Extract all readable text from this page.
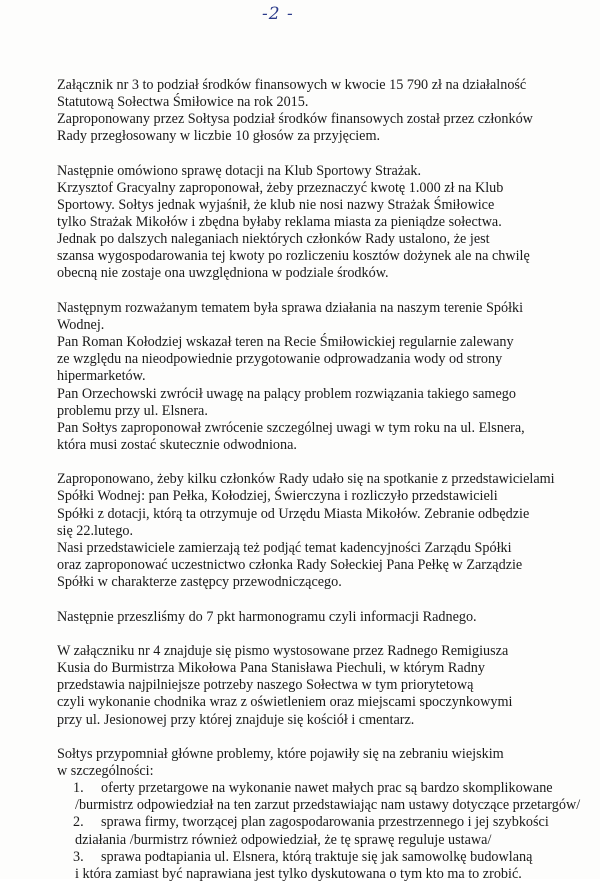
-2 -
Załącznik nr 3 to podział środków finansowych w kwocie 15 790 zł na działalność
Statutową Sołectwa Śmiłowice na rok 2015.
Zaproponowany przez Sołtysa podział środków finansowych został przez członków
Rady przegłosowany w liczbie 10 głosów za przyjęciem.
Następnie omówiono sprawę dotacji na Klub Sportowy Strażak.
Krzysztof Gracyalny zaproponował, żeby przeznaczyć kwotę 1.000 zł na Klub
Sportowy. Sołtys jednak wyjaśnił, że klub nie nosi nazwy Strażak Śmiłowice
tylko Strażak Mikołów i zbędna byłaby reklama miasta za pieniądze sołectwa.
Jednak po dalszych naleganiach niektórych członków Rady ustalono, że jest
szansa wygospodarowania tej kwoty po rozliczeniu kosztów dożynek ale na chwilę
obecną nie zostaje ona uwzględniona w podziale środków.
Następnym rozważanym tematem była sprawa działania na naszym terenie Spółki
Wodnej.
Pan Roman Kołodziej wskazał teren na Recie Śmiłowickiej regularnie zalewany
ze względu na nieodpowiednie przygotowanie odprowadzania wody od strony
hipermarketów.
Pan Orzechowski zwrócił uwagę na palący problem rozwiązania takiego samego
problemu przy ul. Elsnera.
Pan Sołtys zaproponował zwrócenie szczególnej uwagi w tym roku na ul. Elsnera,
która musi zostać skutecznie odwodniona.
Zaproponowano, żeby kilku członków Rady udało się na spotkanie z przedstawicielami
Spółki Wodnej: pan Pełka, Kołodziej, Świerczyna i rozliczyło przedstawicieli
Spółki z dotacji, którą ta otrzymuje od Urzędu Miasta Mikołów. Zebranie odbędzie
się 22.lutego.
Nasi przedstawiciele zamierzają też podjąć temat kadencyjności Zarządu Spółki
oraz zaproponować uczestnictwo członka Rady Sołeckiej Pana Pełkę w Zarządzie
Spółki w charakterze zastępcy przewodniczącego.
Następnie przeszliśmy do 7 pkt harmonogramu czyli informacji Radnego.
W załączniku nr 4 znajduje się pismo wystosowane przez Radnego Remigiusza
Kusia do Burmistrza Mikołowa Pana Stanisława Piechuli, w którym Radny
przedstawia najpilniejsze potrzeby naszego Sołectwa w tym priorytetową
czyli wykonanie chodnika wraz z oświetleniem oraz miejscami spoczynkowymi
przy ul. Jesionowej przy której znajduje się kościół i cmentarz.
Sołtys przypomniał główne problemy, które pojawiły się na zebraniu wiejskim
w szczególności:
1. oferty przetargowe na wykonanie nawet małych prac są bardzo skomplikowane
/burmistrz odpowiedział na ten zarzut przedstawiając nam ustawy dotyczące przetargów/
2. sprawa firmy, tworzącej plan zagospodarowania przestrzennego i jej szybkości
działania /burmistrz również odpowiedział, że tę sprawę reguluje ustawa/
3. sprawa podtapiania ul. Elsnera, którą traktuje się jak samowolkę budowlaną
i która zamiast być naprawiana jest tylko dyskutowana o tym kto ma to zrobić.
